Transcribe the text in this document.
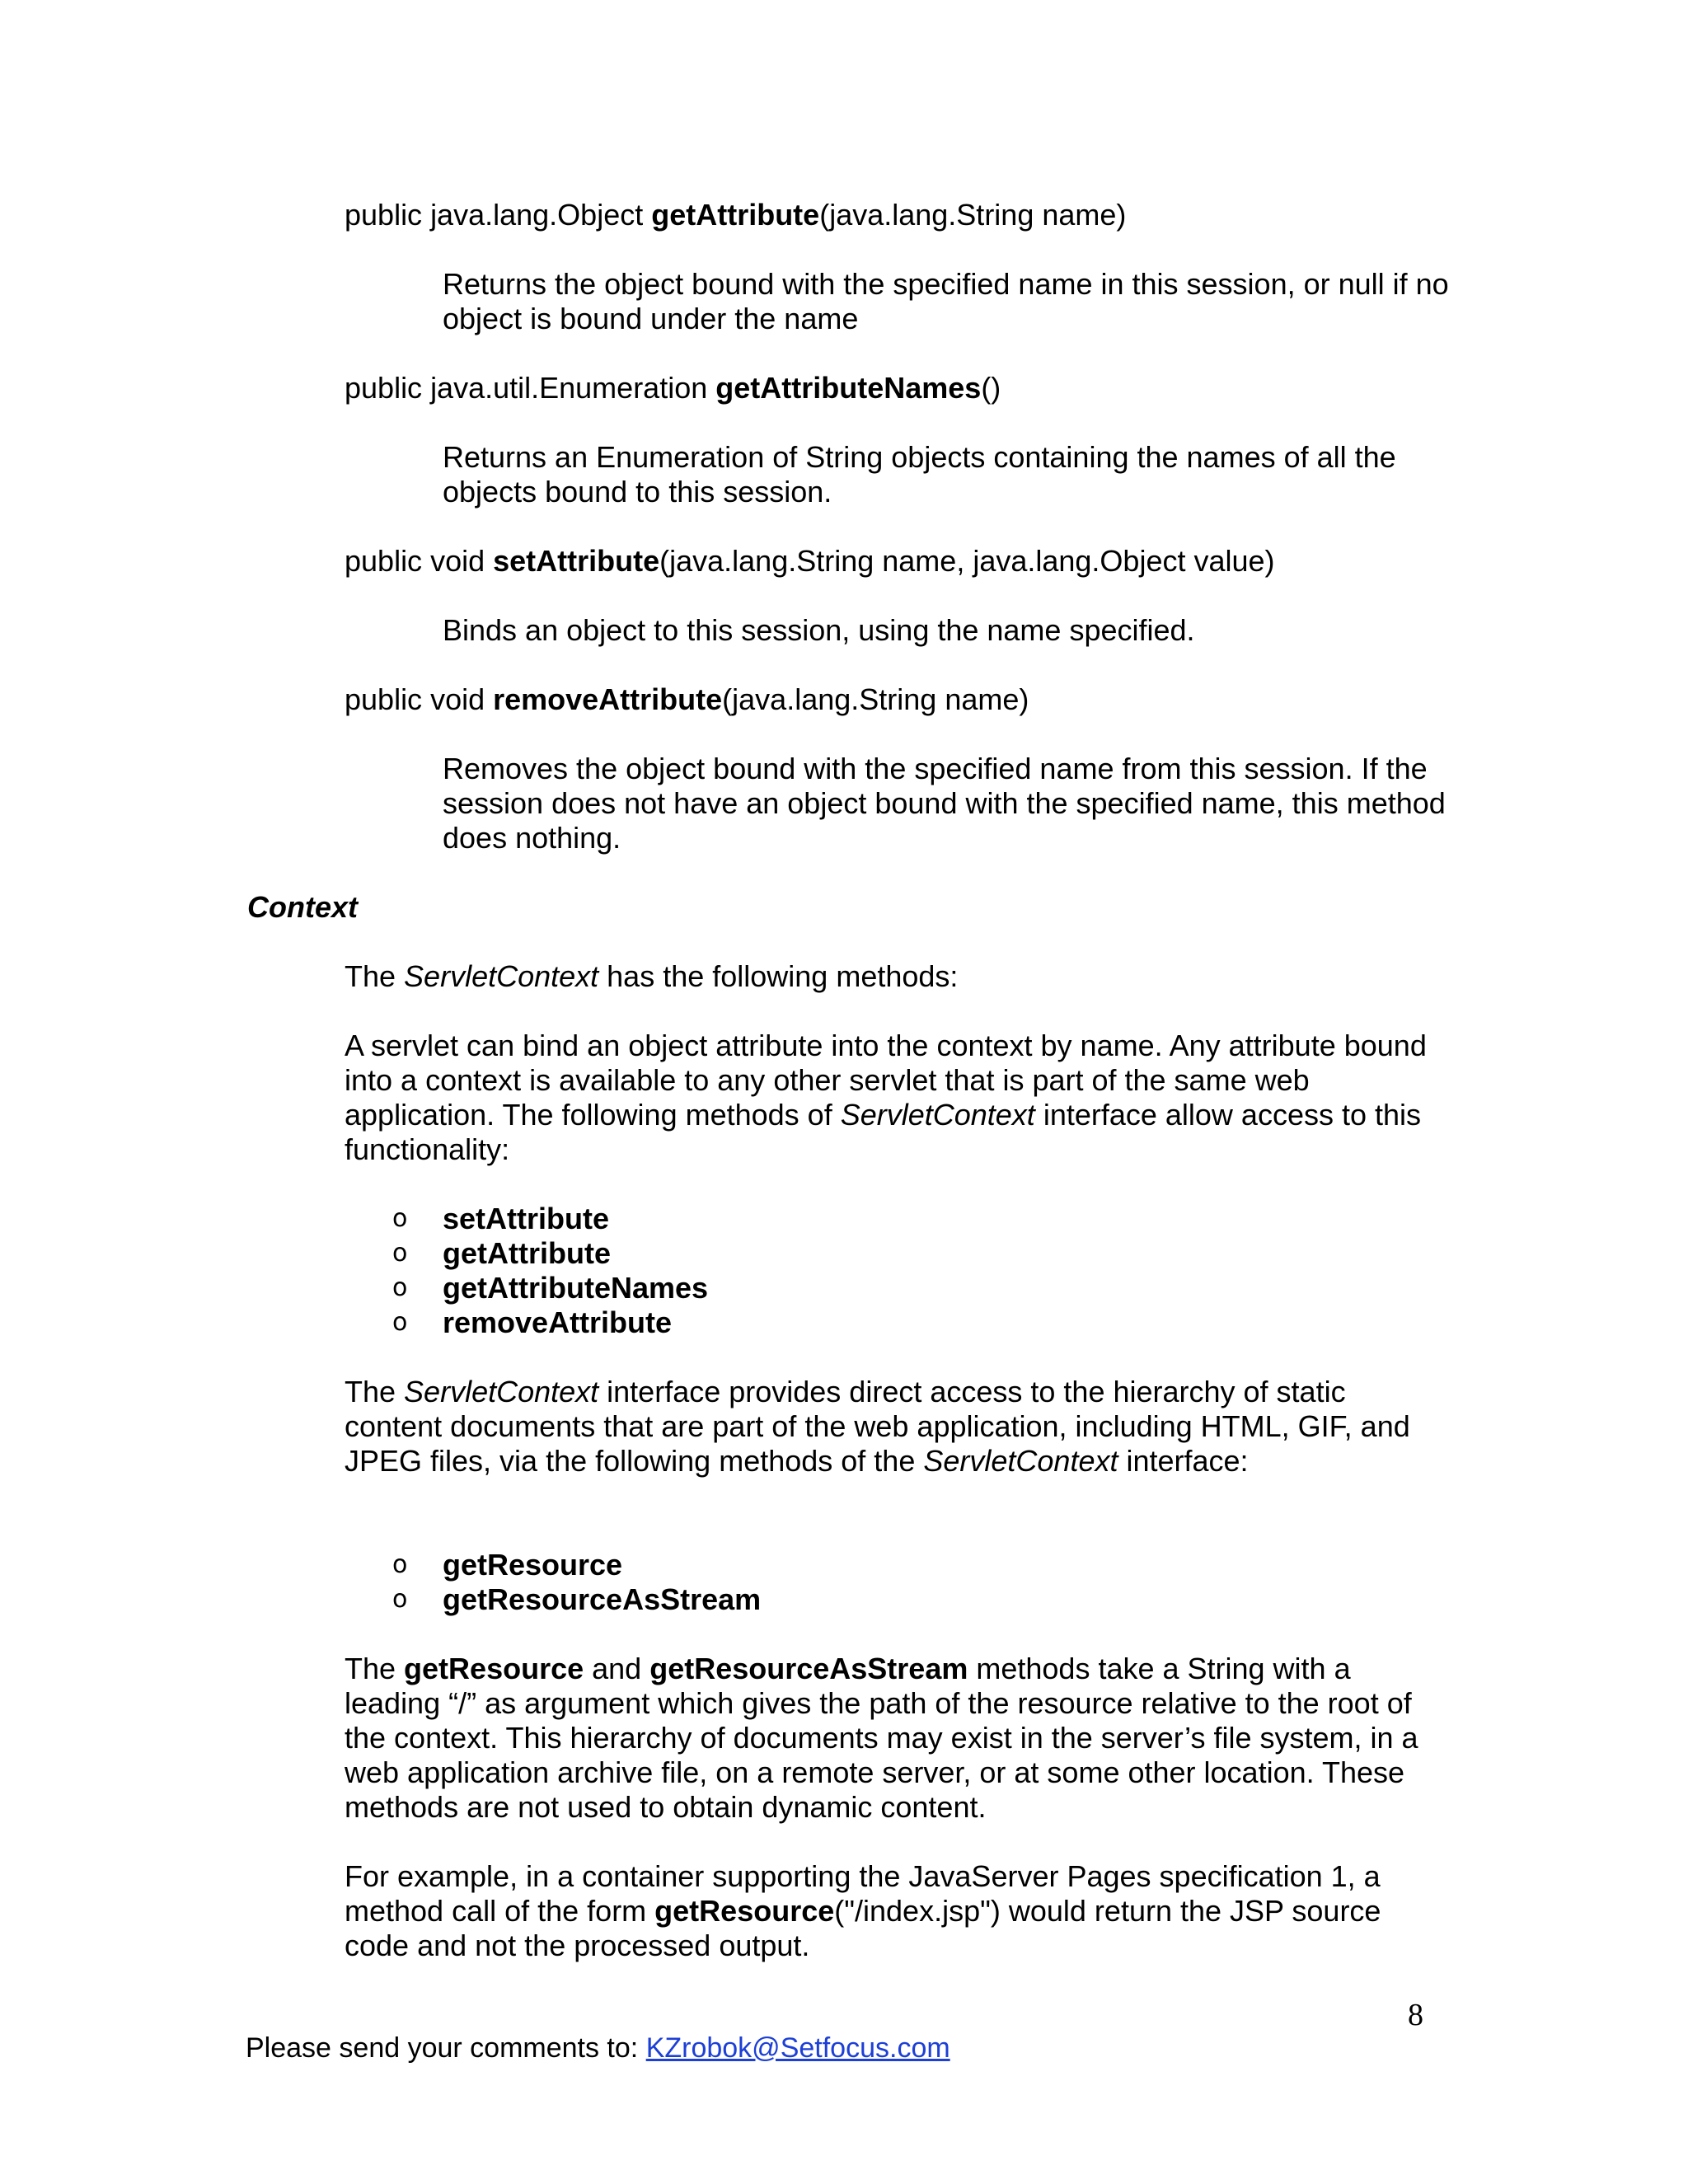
public java.lang.Object getAttribute(java.lang.String name)

Returns the object bound with the specified name in this session, or null if no object is bound under the name

public java.util.Enumeration getAttributeNames()

Returns an Enumeration of String objects containing the names of all the objects bound to this session.

public void setAttribute(java.lang.String name, java.lang.Object value)

Binds an object to this session, using the name specified.

public void removeAttribute(java.lang.String name)

Removes the object bound with the specified name from this session. If the session does not have an object bound with the specified name, this method does nothing.

Context

The ServletContext has the following methods:

A servlet can bind an object attribute into the context by name. Any attribute bound into a context is available to any other servlet that is part of the same web application. The following methods of ServletContext interface allow access to this functionality:

o setAttribute
o getAttribute
o getAttributeNames
o removeAttribute

The ServletContext interface provides direct access to the hierarchy of static content documents that are part of the web application, including HTML, GIF, and JPEG files, via the following methods of the ServletContext interface:

o getResource
o getResourceAsStream

The getResource and getResourceAsStream methods take a String with a leading “/” as argument which gives the path of the resource relative to the root of the context. This hierarchy of documents may exist in the server’s file system, in a web application archive file, on a remote server, or at some other location. These methods are not used to obtain dynamic content.

For example, in a container supporting the JavaServer Pages specification 1, a method call of the form getResource("/index.jsp") would return the JSP source code and not the processed output.

8
Please send your comments to: KZrobok@Setfocus.com
